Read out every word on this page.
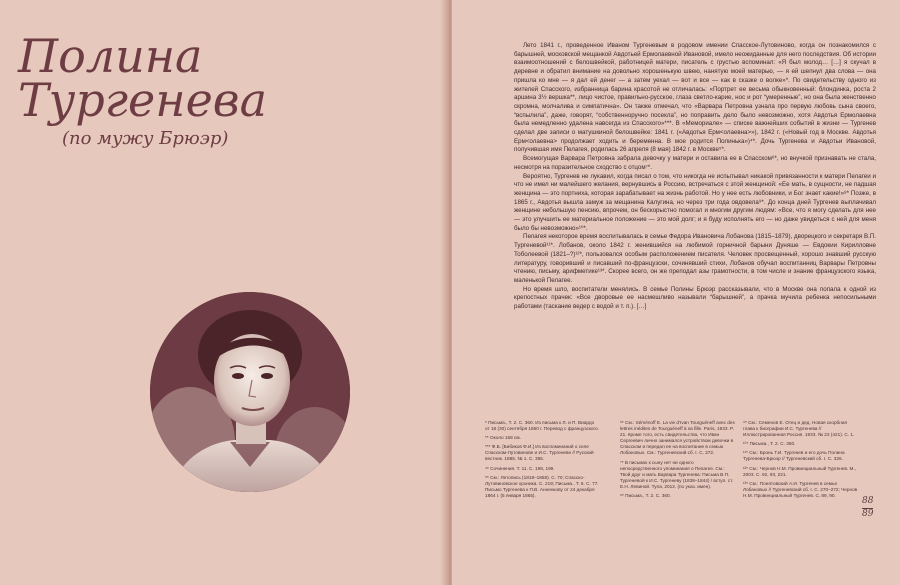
Полина
Тургенева
(по мужу Брюэр)

Лето 1841 г., проведенное Иваном Тургеневым в родовом имении Спасское-Лутовиново, когда он познакомился с барышней, московской мещанкой Авдотьей Ермолаевной Ивановой, имело неожиданные для него последствия. Об истории взаимоотношений с белошвейкой, работницей матери, писатель с грустью вспоминал: «Я был молод… […] я скучал в деревне и обратил внимание на довольно хорошенькую швею, нанятую моей матерью, — я ей шепнул два слова — она пришла ко мне — я дал ей денег — а затем уехал — вот и все — как в сказке о волке»*. По свидетельству одного из жителей Спасского, избранница барина красотой не отличалась: «Портрет ее весьма обыкновенный: блондинка, роста 2 аршина 3½ вершка**, лицо чистое, правильно-русское, глаза светло-карие, нос и рот “умеренные”, но она была женственно скромна, молчалива и симпатична». Он также отмечал, что «Варвара Петровна узнала про первую любовь сына своего, “вспылила”, даже, говорят, “собственноручно посекла”, но поправить дело было невозможно, хотя Авдотья Ермолаевна была немедленно удалена навсегда из Спасского»***. В «Мемориале» — списке важнейших событий в жизни — Тургенев сделал две записи о матушкиной белошвейке: 1841 г. («Авдотья Ерм<олаевна>»), 1842 г. («Новый год в Москве. Авдотья Ерм<олаевна> продолжает ходить и беременна. В мое родится Полинька»)⁴*. Дочь Тургенева и Авдотьи Ивановой, получившая имя Пелагея, родилась 26 апреля (8 мая) 1842 г. в Москве⁵*.

Всемогущая Варвара Петровна забрала девочку у матери и оставила ее в Спасском⁶*, но внучкой признавать не стала, несмотря на поразительное сходство с отцом⁷*.

Вероятно, Тургенев не лукавил, когда писал о том, что никогда не испытывал никакой привязанности к матери Пелагеи и что не имел ни малейшего желания, вернувшись в Россию, встречаться с этой женщиной: «Ее мать, в сущности, не падшая женщина — это портниха, которая зарабатывает на жизнь работой. Но у нее есть любовники, и Бог знает какие!»⁸* Позже, в 1865 г., Авдотья вышла замуж за мещанина Калугина, но через три года овдовела⁹*. До конца дней Тургенев выплачивал женщине небольшую пенсию, впрочем, он бескорыстно помогал и многим другим людям: «Все, что я могу сделать для нее — это улучшить ее материальное положение — это мой долг; и я буду исполнять его — но даже увидеться с ней для меня было бы невозможно»¹⁰*.

Пелагея некоторое время воспитывалась в семье Федора Ивановича Лобанова (1815–1879), дворецкого и секретаря В.П. Тургеневой¹¹*. Лобанов, около 1842 г. женившийся на любимой горничной барыни Дуняше — Евдокии Кирилловне Тоболеевой (1821–?)¹²*, пользовался особым расположением писателя. Человек просвещенный, хорошо знавший русскую литературу, говоривший и писавший по-французски, сочинявший стихи, Лобанов обучал воспитанниц Варвары Петровны чтению, письму, арифметике¹³*. Скорее всего, он же преподал азы грамотности, в том числе и знание французского языка, маленькой Пелагее.

Но время шло, воспитатели менялись. В семье Полины Брюэр рассказывали, что в Москве она попала к одной из крепостных прачек: «Все дворовые ее насмешливо называли “барышней”, а прачка мучила ребенка непосильными работами (таскание ведер с водой и т. п.). […]

* Письма., Т. 2. С. 360. Из письма к Л. и П. Виардо от 18 (30) сентября 1850 г. Перевод с французского.

** Около 158 см.

*** Ф.Б. [Бибиков Ф.И.] Из воспоминаний о селе Спасском-Лутовинове и И.С. Тургеневе // Русский вестник. 1885. № 1. С. 355.

⁴* Сочинения. Т. 11. С. 198, 199.

⁵* См.: Летопись (1818–1858). С. 70; Спасско-Лутовиновское хроника. С. 219; Письма., Т. 6. С. 77. Письмо Тургенева к П.В. Анненкову от 24 декабря 1864 г. (5 января 1865).

⁶* См.: Séménoff E. La vie d’Ivan Tourguéneff avec des lettres inédites de Tourguéneff à sa fille. Paris, 1933. P. 21. Кроме того, есть свидетельства, что Иван Сергеевич лично занимался устройством девочки в Спасском и передал ее на воспитание в семью Лобановых. См.: Тургеневский сб. I. С. 272.

⁷* В письмах к сыну нет ни одного непосредственного упоминания о Пелагее. См.: Твой друг и мать Варвара Тургенева: Письма В.П. Тургеневой к И.С. Тургеневу (1838–1844) / вступ. ст. Е.Н. Левиной. Тула, 2012. (по указ. имен).

⁸* Письма., Т. 2. С. 360.

⁹* См.: Семенов Е. Отец и дед. Новая скорбная глава к биографии И.С. Тургенева // Иллюстрированная Россия. 1933. № 23 (421). С. 1.

¹⁰* Письма., Т. 2. С. 360.

¹¹* См.: Бронь Т.И. Тургенев и его дочь Полина Тургенева-Брюэр // Тургеневский сб. I. С. 326.

¹²* См.: Чернов Н.М. Провинциальный Тургенев. М., 2003. С. 92, 93, 221.

¹³* См.: Понятовский А.И. Тургенев в семье Лобановых // Тургеневский сб. I. С. 270–272; Чернов Н.М. Провинциальный Тургенев. С. 89, 90.

88
89
